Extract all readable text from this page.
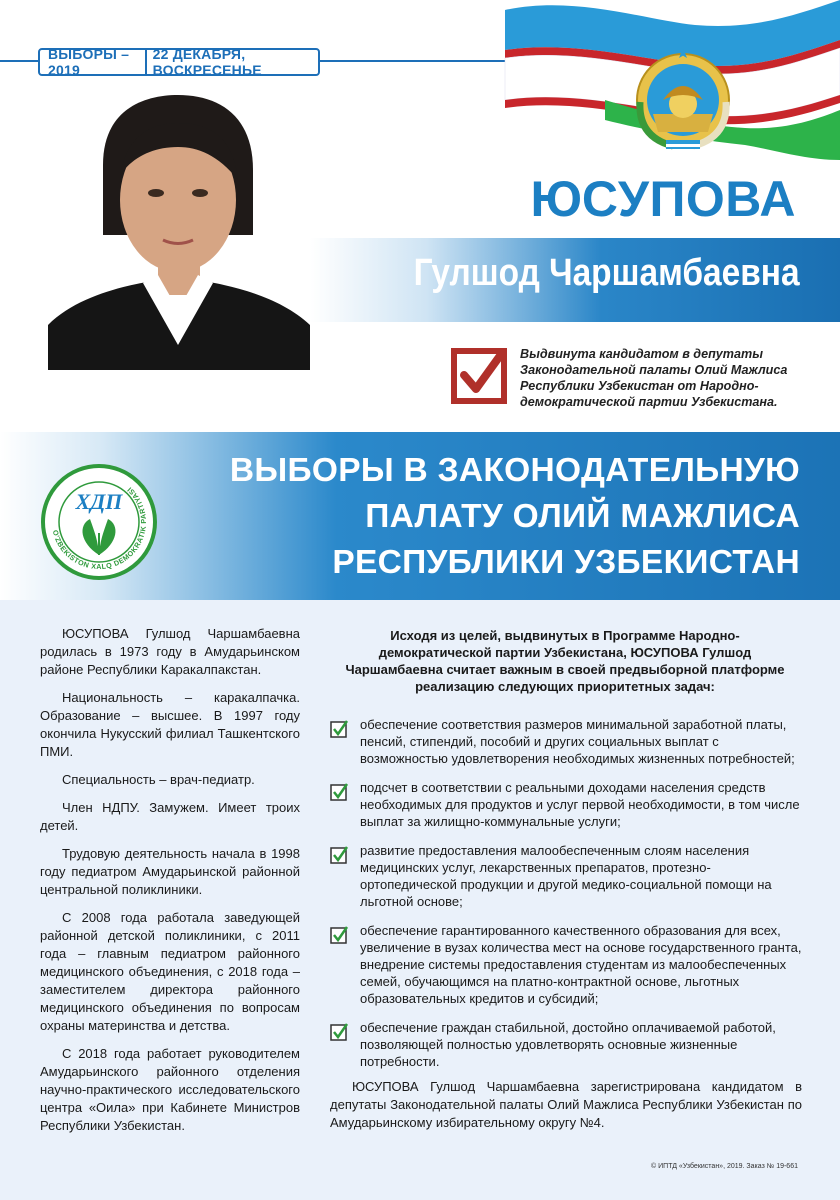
ВЫБОРЫ – 2019
22 ДЕКАБРЯ, ВОСКРЕСЕНЬЕ
ЮСУПОВА
Гулшод Чаршамбаевна
Выдвинута кандидатом в депутаты Законодательной палаты Олий Мажлиса Республики Узбекистан от Народно-демократической партии Узбекистана.
ВЫБОРЫ В ЗАКОНОДАТЕЛЬНУЮ
ПАЛАТУ ОЛИЙ МАЖЛИСА
РЕСПУБЛИКИ УЗБЕКИСТАН
ХДП
O'ZBEKISTON XALQ DEMOKRATIK PARTIYASI

ЮСУПОВА Гулшод Чаршамбаевна родилась в 1973 году в Амударьинском районе Республики Каракалпакстан.

Национальность – каракалпачка. Образование – высшее. В 1997 году окончила Нукусский филиал Ташкентского ПМИ.

Специальность – врач-педиатр.

Член НДПУ. Замужем. Имеет троих детей.

Трудовую деятельность начала в 1998 году педиатром Амударьинской районной центральной поликлиники.

С 2008 года работала заведующей районной детской поликлиники, с 2011 года – главным педиатром районного медицинского объединения, с 2018 года – заместителем директора районного медицинского объединения по вопросам охраны материнства и детства.

С 2018 года работает руководителем Амударьинского районного отделения научно-практического исследовательского центра «Оила» при Кабинете Министров Республики Узбекистан.

Исходя из целей, выдвинутых в Программе Народно-демократической партии Узбекистана, ЮСУПОВА Гулшод Чаршамбаевна считает важным в своей предвыборной платформе реализацию следующих приоритетных задач:
обеспечение соответствия размеров минимальной заработной платы, пенсий, стипендий, пособий и других социальных выплат с возможностью удовлетворения необходимых жизненных потребностей;
подсчет в соответствии с реальными доходами населения средств необходимых для продуктов и услуг первой необходимости, в том числе выплат за жилищно-коммунальные услуги;
развитие предоставления малообеспеченным слоям населения медицинских услуг, лекарственных препаратов, протезно-ортопедической продукции и другой медико-социальной помощи на льготной основе;
обеспечение гарантированного качественного образования для всех, увеличение в вузах количества мест на основе государственного гранта, внедрение системы предоставления студентам из малообеспеченных семей, обучающимся на платно-контрактной основе, льготных образовательных кредитов и субсидий;
обеспечение граждан стабильной, достойно оплачиваемой работой, позволяющей полностью удовлетворять основные жизненные потребности.
ЮСУПОВА Гулшод Чаршамбаевна зарегистрирована кандидатом в депутаты Законодательной палаты Олий Мажлиса Республики Узбекистан по Амударьинскому избирательному округу №4.
© ИПТД «Узбекистан», 2019. Заказ № 19-661
